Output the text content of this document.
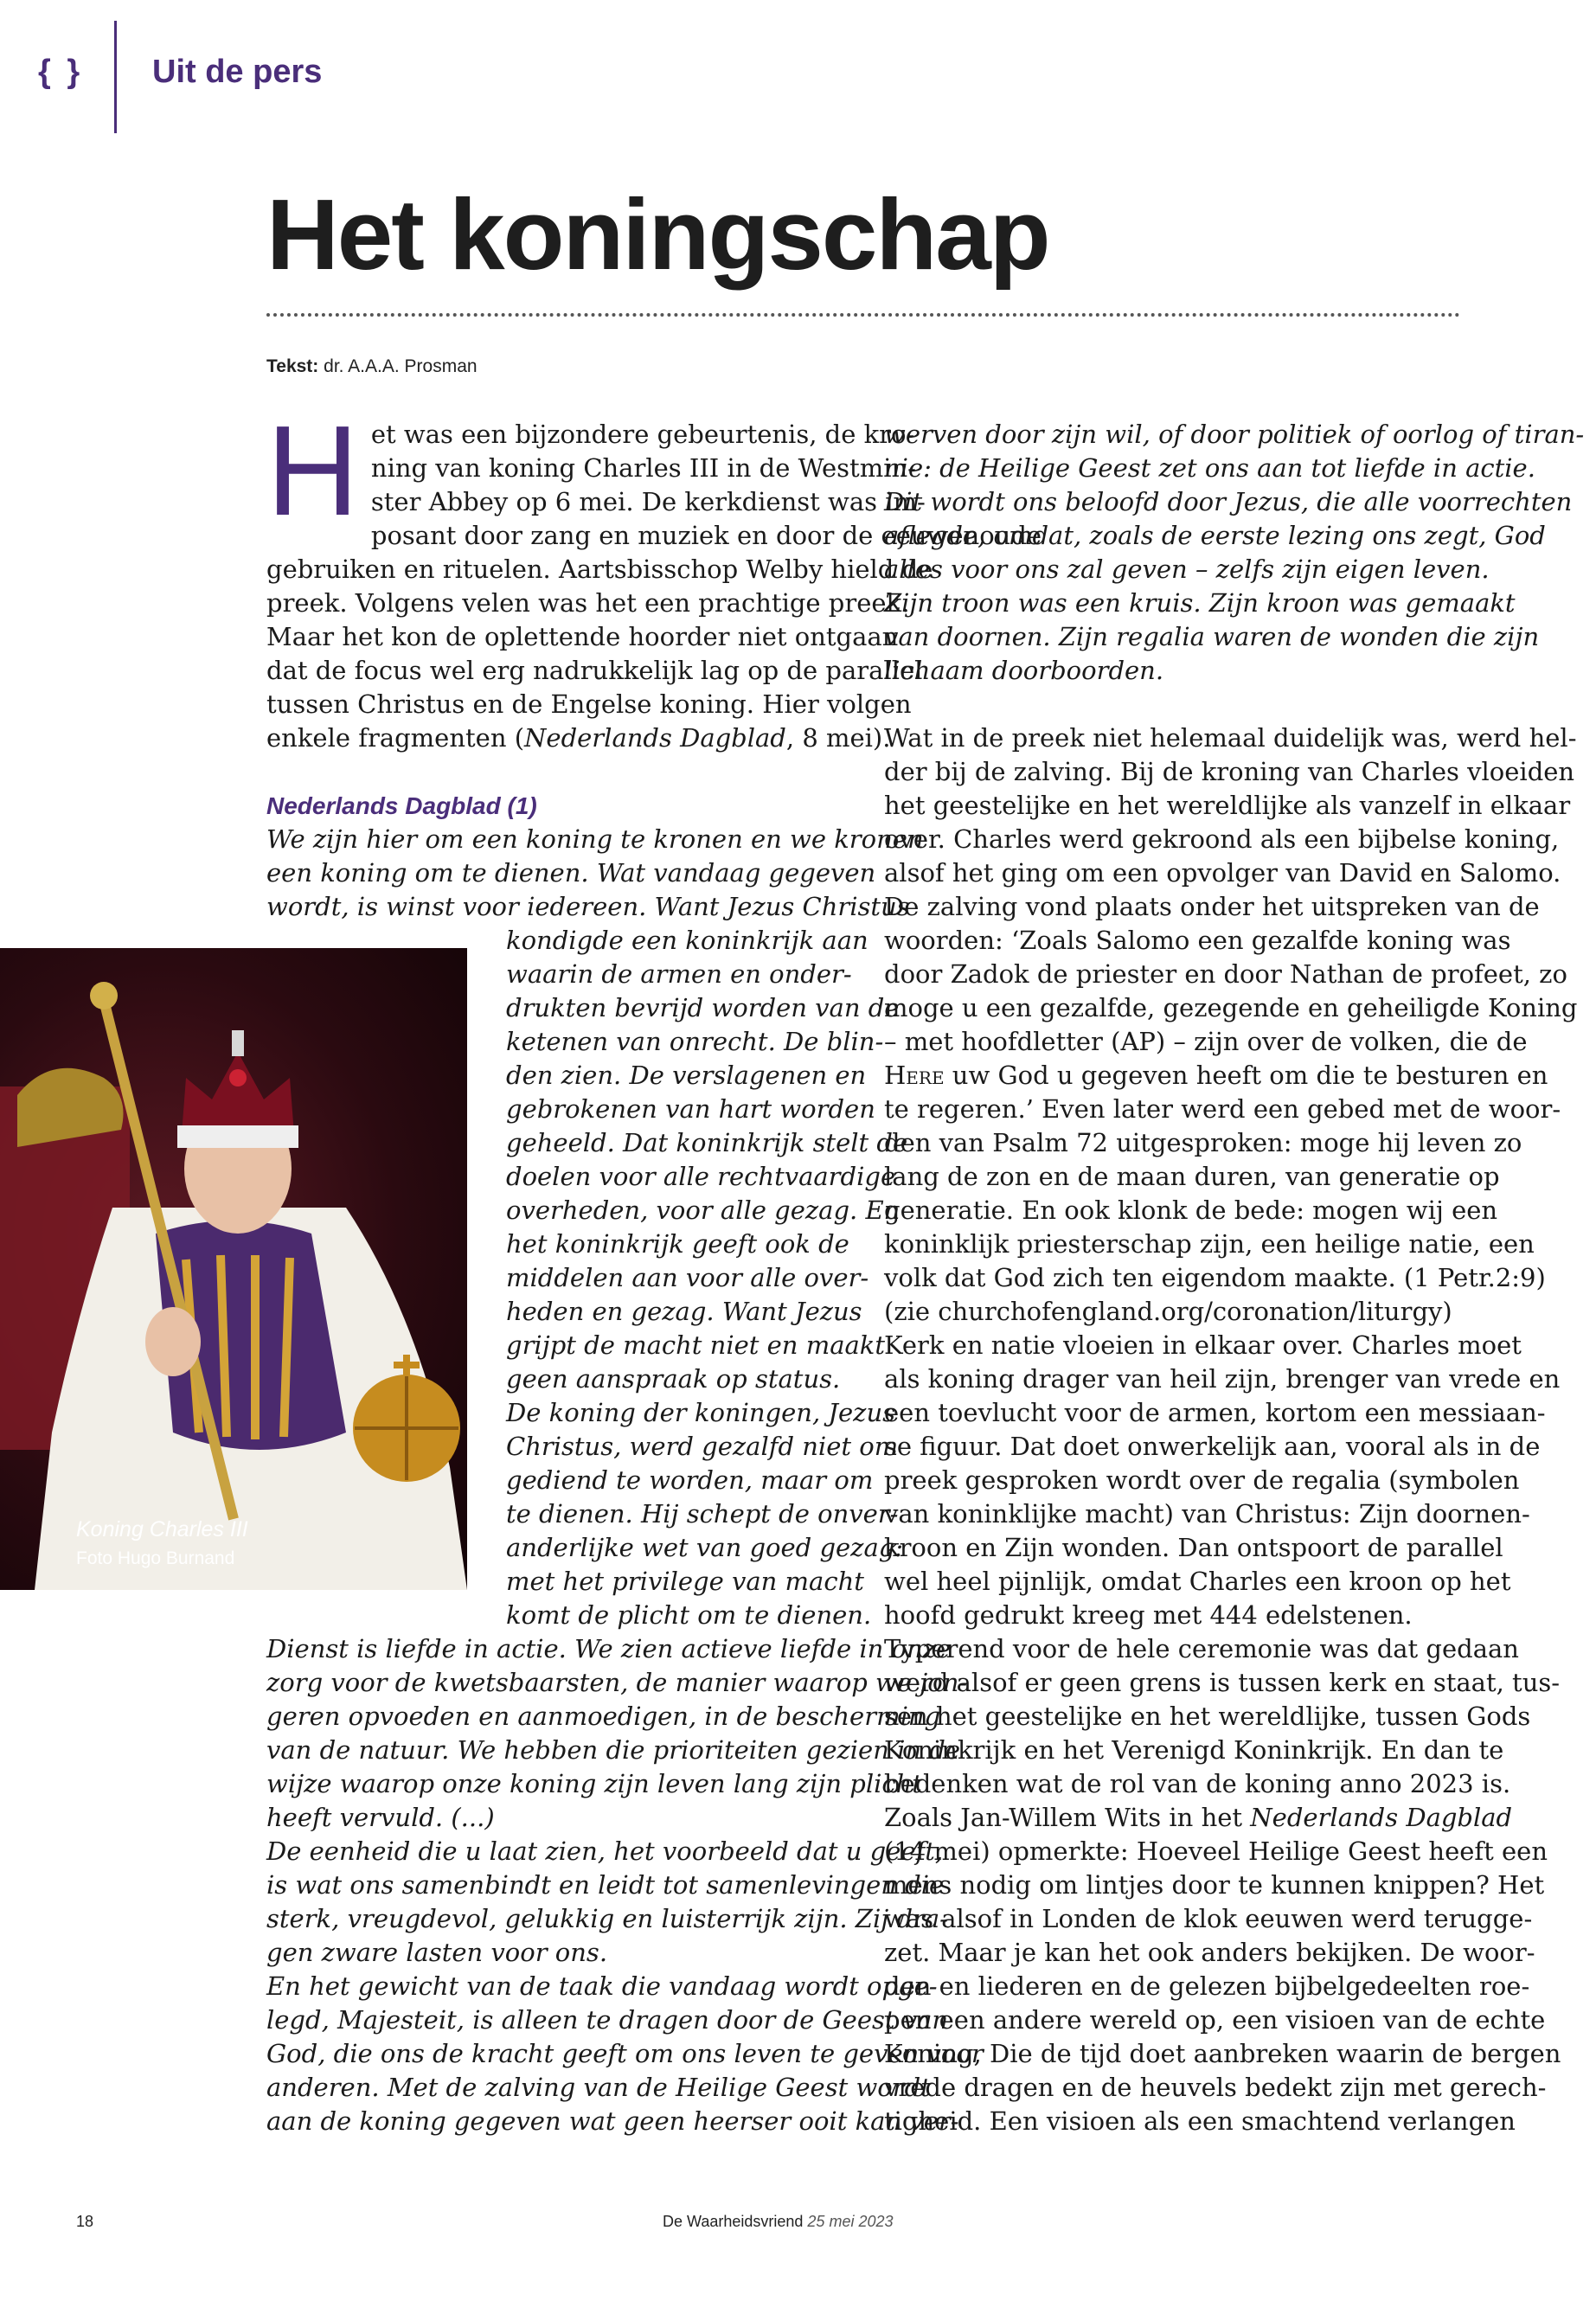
{ } Uit de pers
Het koningschap
Tekst: dr. A.A.A. Prosman
H et was een bijzondere gebeurtenis, de kro-
ning van koning Charles III in de Westmin-
ster Abbey op 6 mei. De kerkdienst was im-
posant door zang en muziek en door de eeuwenoude
gebruiken en rituelen. Aartsbisschop Welby hield de
preek. Volgens velen was het een prachtige preek.
Maar het kon de oplettende hoorder niet ontgaan
dat de focus wel erg nadrukkelijk lag op de parallel
tussen Christus en de Engelse koning. Hier volgen
enkele fragmenten (Nederlands Dagblad, 8 mei).
Nederlands Dagblad (1)
We zijn hier om een koning te kronen en we kronen
een koning om te dienen. Wat vandaag gegeven
wordt, is winst voor iedereen. Want Jezus Christus
kondigde een koninkrijk aan
waarin de armen en onder-
drukten bevrijd worden van de
ketenen van onrecht. De blin-
den zien. De verslagenen en
gebrokenen van hart worden
geheeld. Dat koninkrijk stelt de
doelen voor alle rechtvaardige
overheden, voor alle gezag. En
het koninkrijk geeft ook de
middelen aan voor alle over-
heden en gezag. Want Jezus
grijpt de macht niet en maakt
geen aanspraak op status.
De koning der koningen, Jezus
Christus, werd gezalfd niet om
gediend te worden, maar om
te dienen. Hij schept de onver-
anderlijke wet van goed gezag:
met het privilege van macht
komt de plicht om te dienen.
Dienst is liefde in actie. We zien actieve liefde in onze
zorg voor de kwetsbaarsten, de manier waarop we jon-
geren opvoeden en aanmoedigen, in de bescherming
van de natuur. We hebben die prioriteiten gezien in de
wijze waarop onze koning zijn leven lang zijn plicht
heeft vervuld. (...)
De eenheid die u laat zien, het voorbeeld dat u geeft,
is wat ons samenbindt en leidt tot samenlevingen die
sterk, vreugdevol, gelukkig en luisterrijk zijn. Zij dra-
gen zware lasten voor ons.
En het gewicht van de taak die vandaag wordt opge-
legd, Majesteit, is alleen te dragen door de Geest van
God, die ons de kracht geeft om ons leven te geven voor
anderen. Met de zalving van de Heilige Geest wordt
aan de koning gegeven wat geen heerser ooit kan ver-
Koning Charles III
Foto Hugo Burnand
werven door zijn wil, of door politiek of oorlog of tiran-
nie: de Heilige Geest zet ons aan tot liefde in actie.
Dit wordt ons beloofd door Jezus, die alle voorrechten
aflegde, omdat, zoals de eerste lezing ons zegt, God
alles voor ons zal geven – zelfs zijn eigen leven.
Zijn troon was een kruis. Zijn kroon was gemaakt
van doornen. Zijn regalia waren de wonden die zijn
lichaam doorboorden.
Wat in de preek niet helemaal duidelijk was, werd hel-
der bij de zalving. Bij de kroning van Charles vloeiden
het geestelijke en het wereldlijke als vanzelf in elkaar
over. Charles werd gekroond als een bijbelse koning,
alsof het ging om een opvolger van David en Salomo.
De zalving vond plaats onder het uitspreken van de
woorden: ‘Zoals Salomo een gezalfde koning was
door Zadok de priester en door Nathan de profeet, zo
moge u een gezalfde, gezegende en geheiligde Koning
– met hoofdletter (AP) – zijn over de volken, die de
Here uw God u gegeven heeft om die te besturen en
te regeren.’ Even later werd een gebed met de woor-
den van Psalm 72 uitgesproken: moge hij leven zo
lang de zon en de maan duren, van generatie op
generatie. En ook klonk de bede: mogen wij een
koninklijk priesterschap zijn, een heilige natie, een
volk dat God zich ten eigendom maakte. (1 Petr.2:9)
(zie churchofengland.org/coronation/liturgy)
Kerk en natie vloeien in elkaar over. Charles moet
als koning drager van heil zijn, brenger van vrede en
een toevlucht voor de armen, kortom een messiaan-
se figuur. Dat doet onwerkelijk aan, vooral als in de
preek gesproken wordt over de regalia (symbolen
van koninklijke macht) van Christus: Zijn doornen-
kroon en Zijn wonden. Dan ontspoort de parallel
wel heel pijnlijk, omdat Charles een kroon op het
hoofd gedrukt kreeg met 444 edelstenen.
Typerend voor de hele ceremonie was dat gedaan
werd alsof er geen grens is tussen kerk en staat, tus-
sen het geestelijke en het wereldlijke, tussen Gods
Koninkrijk en het Verenigd Koninkrijk. En dan te
bedenken wat de rol van de koning anno 2023 is.
Zoals Jan-Willem Wits in het Nederlands Dagblad
(14 mei) opmerkte: Hoeveel Heilige Geest heeft een
mens nodig om lintjes door te kunnen knippen? Het
was alsof in Londen de klok eeuwen werd terugge-
zet. Maar je kan het ook anders bekijken. De woor-
den en liederen en de gelezen bijbelgedeelten roe-
pen een andere wereld op, een visioen van de echte
Koning, Die de tijd doet aanbreken waarin de bergen
vrede dragen en de heuvels bedekt zijn met gerech-
tigheid. Een visioen als een smachtend verlangen
18	De Waarheidsvriend 25 mei 2023
